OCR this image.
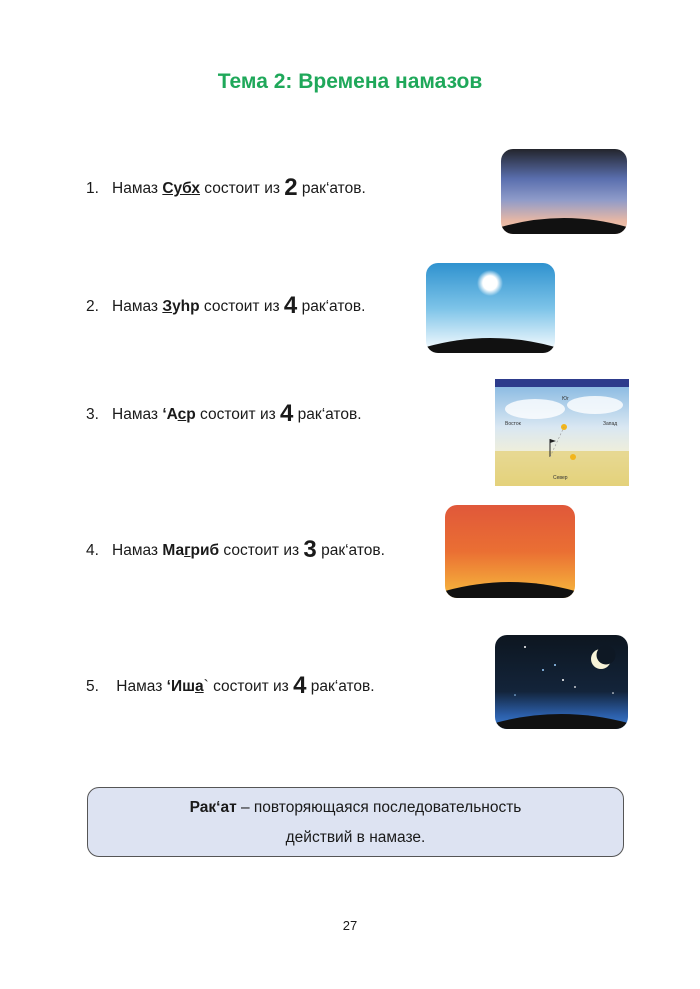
Тема 2: Времена намазов
1. Намаз Субх состоит из 2 рак‘атов.
2. Намаз Зуhр состоит из 4 рак‘атов.
3. Намаз ‘Аср состоит из 4 рак‘атов.
4. Намаз Магриб состоит из 3 рак‘атов.
5. Намаз ‘Иша` состоит из 4 рак‘атов.
Юг
Восток	Запад
Север
Рак‘ат – повторяющаяся последовательность
действий в намазе.
27
